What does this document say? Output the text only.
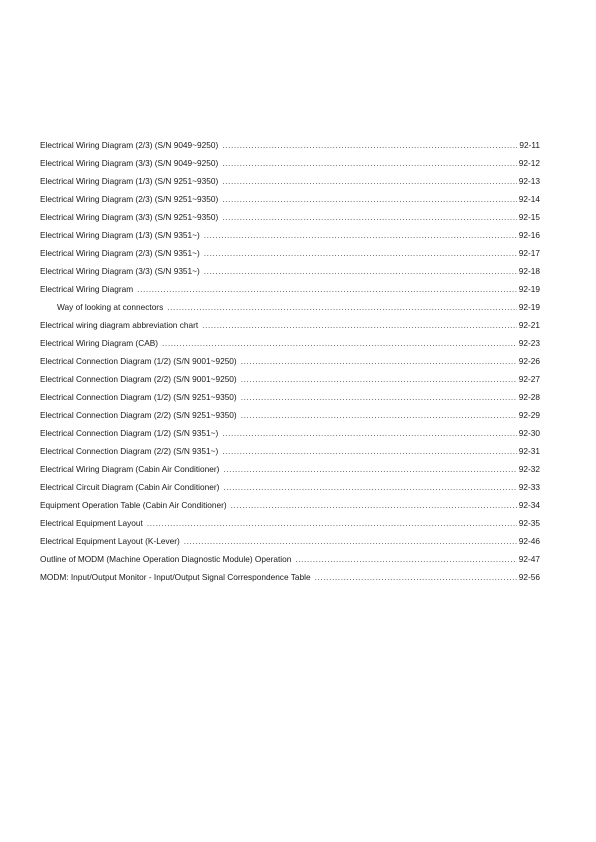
Electrical Wiring Diagram (2/3) (S/N 9049~9250) .....	92-11
Electrical Wiring Diagram (3/3) (S/N 9049~9250) .....	92-12
Electrical Wiring Diagram (1/3) (S/N 9251~9350) .....	92-13
Electrical Wiring Diagram (2/3) (S/N 9251~9350) .....	92-14
Electrical Wiring Diagram (3/3) (S/N 9251~9350) .....	92-15
Electrical Wiring Diagram (1/3) (S/N 9351~) .....	92-16
Electrical Wiring Diagram (2/3) (S/N 9351~) .....	92-17
Electrical Wiring Diagram (3/3) (S/N 9351~) .....	92-18
Electrical Wiring Diagram .....	92-19
Way of looking at connectors .....	92-19
Electrical wiring diagram abbreviation chart .....	92-21
Electrical Wiring Diagram (CAB) .....	92-23
Electrical Connection Diagram (1/2) (S/N 9001~9250) .....	92-26
Electrical Connection Diagram (2/2) (S/N 9001~9250) .....	92-27
Electrical Connection Diagram (1/2) (S/N 9251~9350) .....	92-28
Electrical Connection Diagram (2/2) (S/N 9251~9350) .....	92-29
Electrical Connection Diagram (1/2) (S/N 9351~) .....	92-30
Electrical Connection Diagram (2/2) (S/N 9351~) .....	92-31
Electrical Wiring Diagram (Cabin Air Conditioner) .....	92-32
Electrical Circuit Diagram (Cabin Air Conditioner) .....	92-33
Equipment Operation Table (Cabin Air Conditioner) .....	92-34
Electrical Equipment Layout .....	92-35
Electrical Equipment Layout (K-Lever) .....	92-46
Outline of MODM (Machine Operation Diagnostic Module) Operation .....	92-47
MODM: Input/Output Monitor - Input/Output Signal Correspondence Table .....	92-56
